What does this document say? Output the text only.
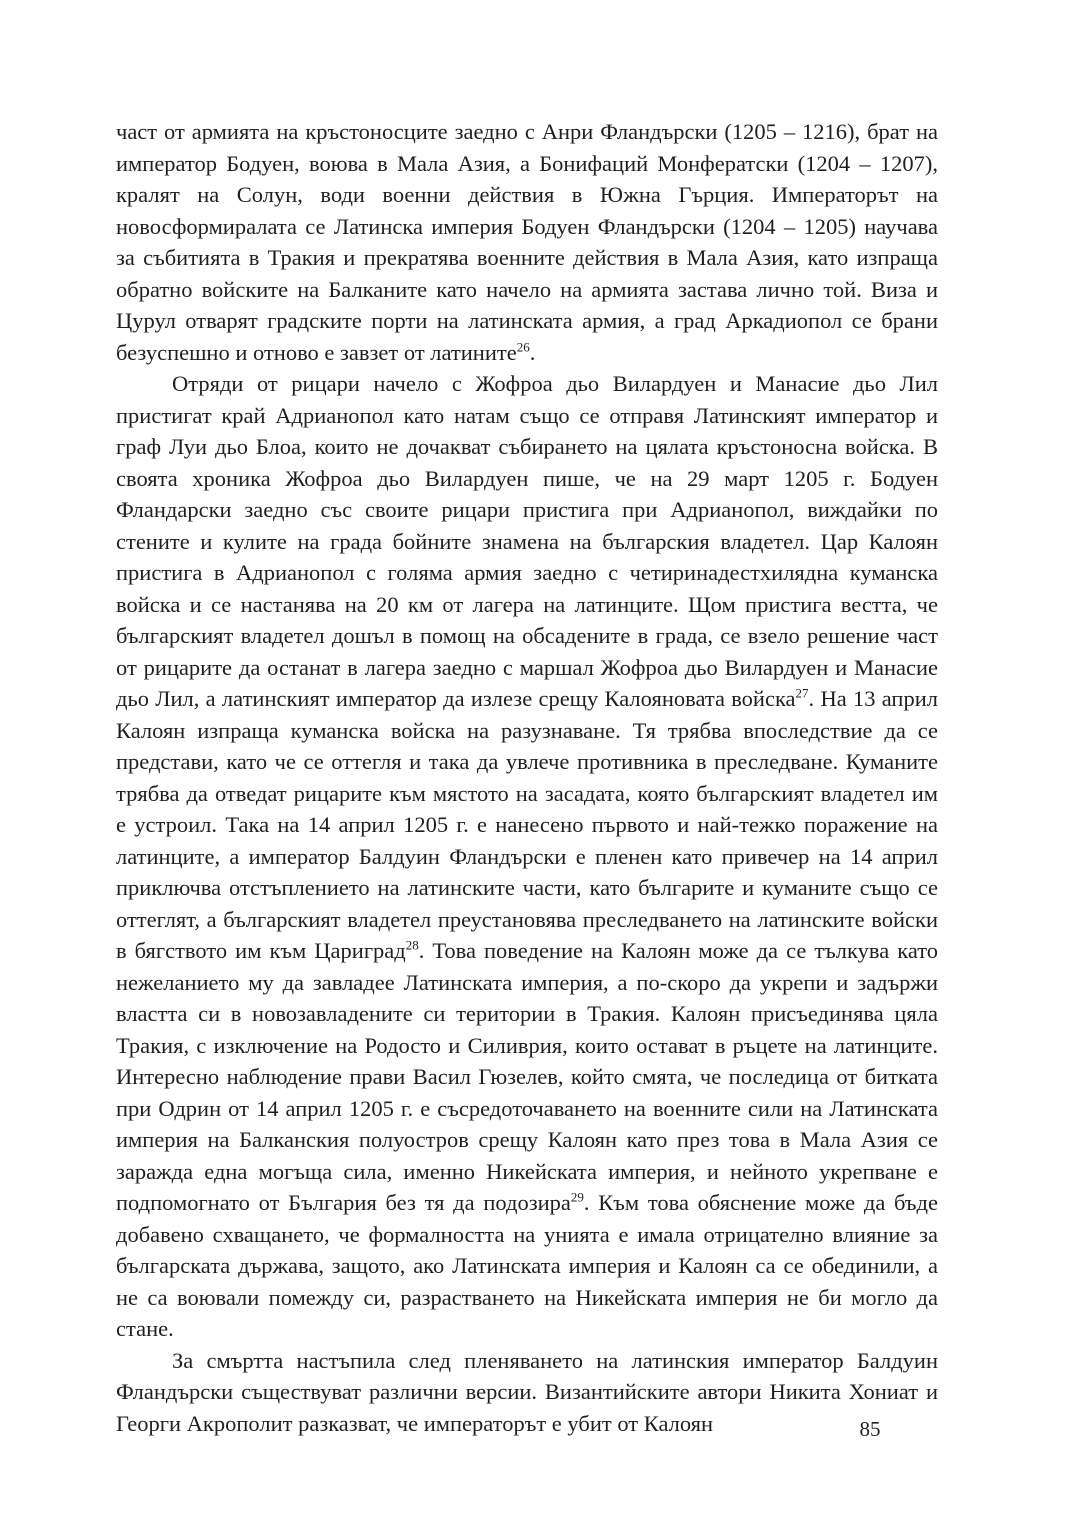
част от армията на кръстоносците заедно с Анри Фландърски (1205 – 1216), брат на император Бодуен, воюва в Мала Азия, а Бонифаций Монфератски (1204 – 1207), кралят на Солун, води военни действия в Южна Гърция. Императорът на новосформиралата се Латинска империя Бодуен Фландърски (1204 – 1205) научава за събитията в Тракия и прекратява военните действия в Мала Азия, като изпраща обратно войските на Балканите като начело на армията застава лично той. Виза и Цурул отварят градските порти на латинската армия, а град Аркадиопол се брани безуспешно и отново е завзет от латините$^{26}$.

Отряди от рицари начело с Жофроа дьо Вилардуен и Манасие дьо Лил пристигат край Адрианопол като натам също се отправя Латинският император и граф Луи дьо Блоа, които не дочакват събирането на цялата кръстоносна войска. В своята хроника Жофроа дьо Вилардуен пише, че на 29 март 1205 г. Бодуен Фландарски заедно със своите рицари пристига при Адрианопол, виждайки по стените и кулите на града бойните знамена на българския владетел. Цар Калоян пристига в Адрианопол с голяма армия заедно с четиринадестхилядна куманска войска и се настанява на 20 км от лагера на латинците. Щом пристига вестта, че българският владетел дошъл в помощ на обсадените в града, се взело решение част от рицарите да останат в лагера заедно с маршал Жофроа дьо Вилардуен и Манасие дьо Лил, а латинският император да излезе срещу Калояновата войска$^{27}$. На 13 април Калоян изпраща куманска войска на разузнаване. Тя трябва впоследствие да се представи, като че се оттегля и така да увлече противника в преследване. Куманите трябва да отведат рицарите към мястото на засадата, която българският владетел им е устроил. Така на 14 април 1205 г. е нанесено първото и най-тежко поражение на латинците, а император Балдуин Фландърски е пленен като привечер на 14 април приключва отстъплението на латинските части, като българите и куманите също се оттеглят, а българският владетел преустановява преследването на латинските войски в бягството им към Цариград$^{28}$. Това поведение на Калоян може да се тълкува като нежеланието му да завладее Латинската империя, а по-скоро да укрепи и задържи властта си в новозавладените си територии в Тракия. Калоян присъединява цяла Тракия, с изключение на Родосто и Силиврия, които остават в ръцете на латинците. Интересно наблюдение прави Васил Гюзелев, който смята, че последица от битката при Одрин от 14 април 1205 г. е съсредоточаването на военните сили на Латинската империя на Балканския полуостров срещу Калоян като през това в Мала Азия се заражда една могъща сила, именно Никейската империя, и нейното укрепване е подпомогнато от България без тя да подозира$^{29}$. Към това обяснение може да бъде добавено схващането, че формалността на унията е имала отрицателно влияние за българската държава, защото, ако Латинската империя и Калоян са се обединили, а не са воювали помежду си, разрастването на Никейската империя не би могло да стане.

За смъртта настъпила след пленяването на латинския император Балдуин Фландърски съществуват различни версии. Византийските автори Никита Хониат и Георги Акрополит разказват, че императорът е убит от Калоян	85
